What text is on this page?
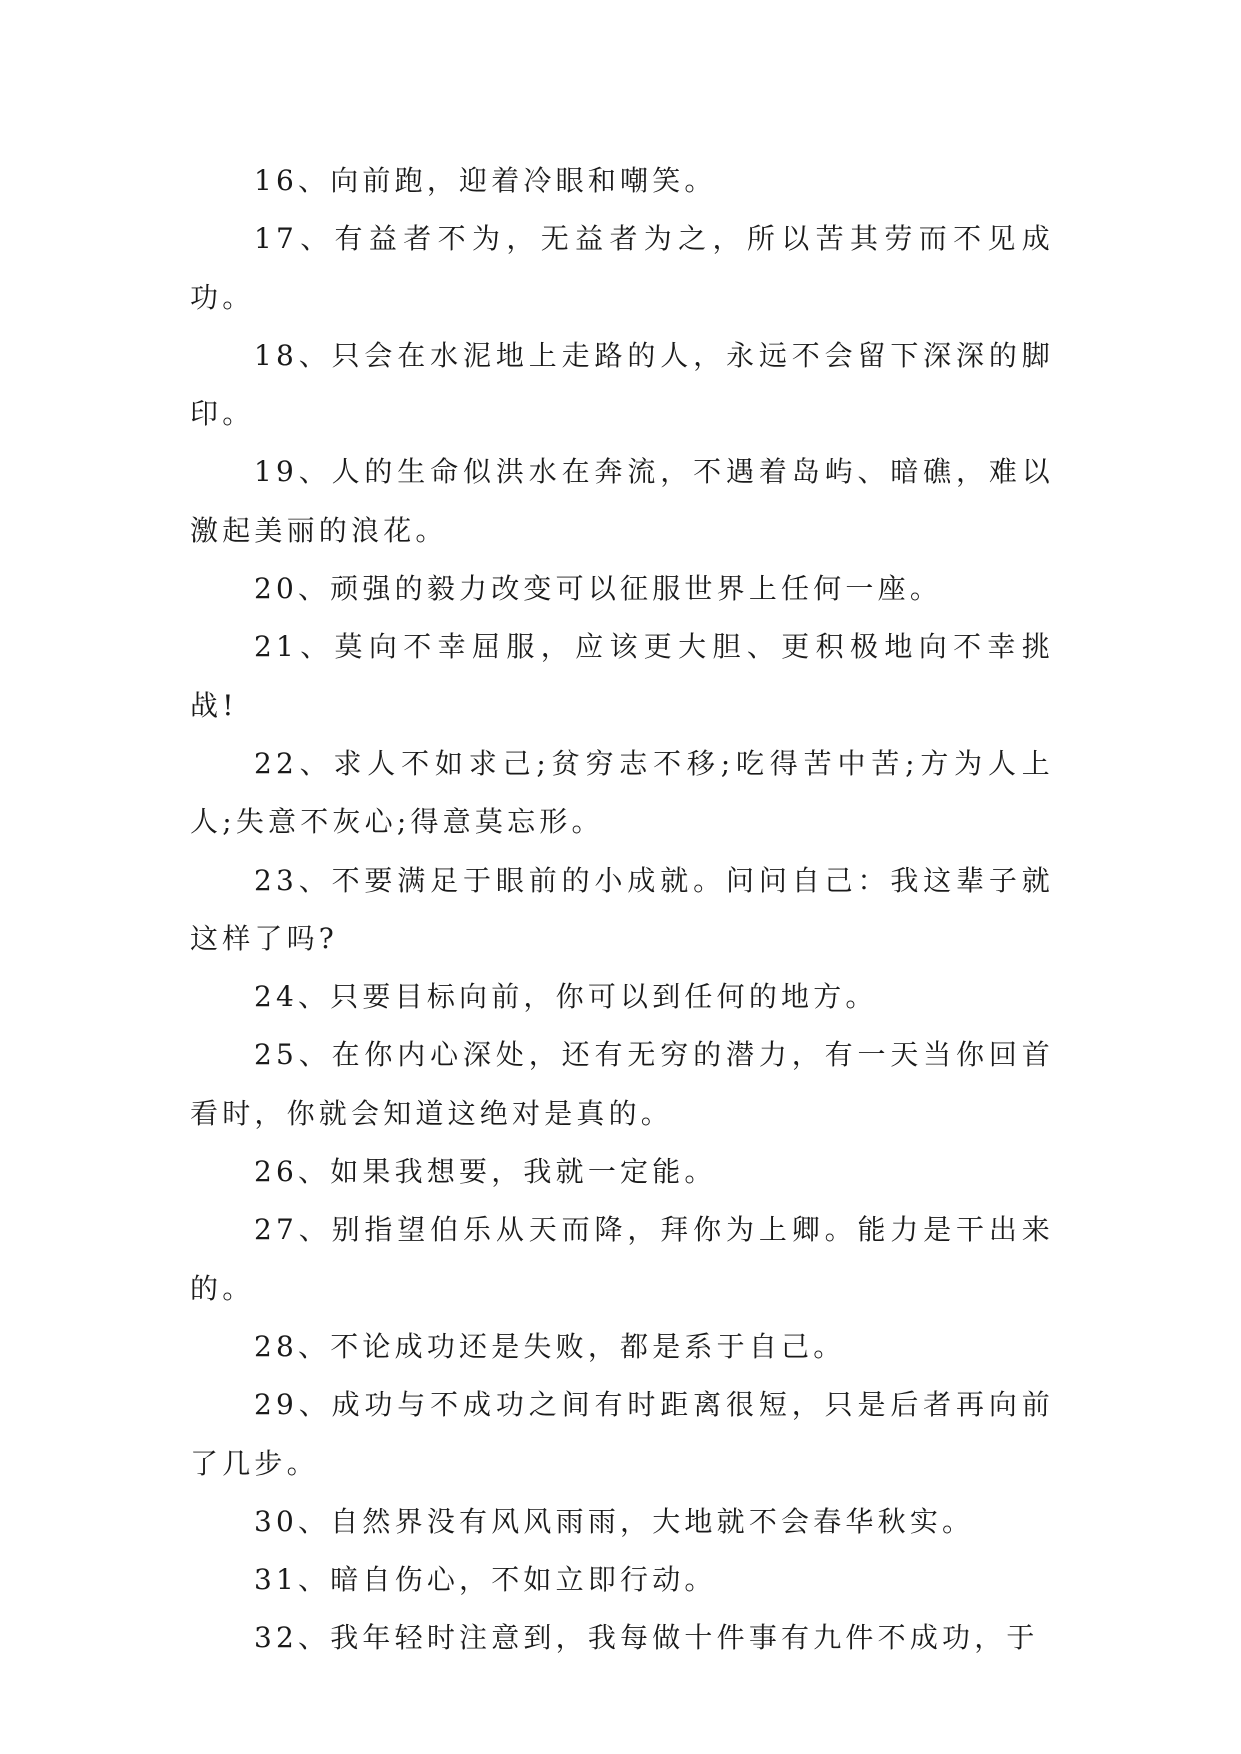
16、向前跑，迎着冷眼和嘲笑。

17、有益者不为，无益者为之，所以苦其劳而不见成功。

18、只会在水泥地上走路的人，永远不会留下深深的脚印。

19、人的生命似洪水在奔流，不遇着岛屿、暗礁，难以激起美丽的浪花。

20、顽强的毅力改变可以征服世界上任何一座。

21、莫向不幸屈服，应该更大胆、更积极地向不幸挑战!

22、求人不如求己;贫穷志不移;吃得苦中苦;方为人上人;失意不灰心;得意莫忘形。

23、不要满足于眼前的小成就。问问自己：我这辈子就这样了吗?

24、只要目标向前，你可以到任何的地方。

25、在你内心深处，还有无穷的潜力，有一天当你回首看时，你就会知道这绝对是真的。

26、如果我想要，我就一定能。

27、别指望伯乐从天而降，拜你为上卿。能力是干出来的。

28、不论成功还是失败，都是系于自己。

29、成功与不成功之间有时距离很短，只是后者再向前了几步。

30、自然界没有风风雨雨，大地就不会春华秋实。

31、暗自伤心，不如立即行动。

32、我年轻时注意到，我每做十件事有九件不成功，于
